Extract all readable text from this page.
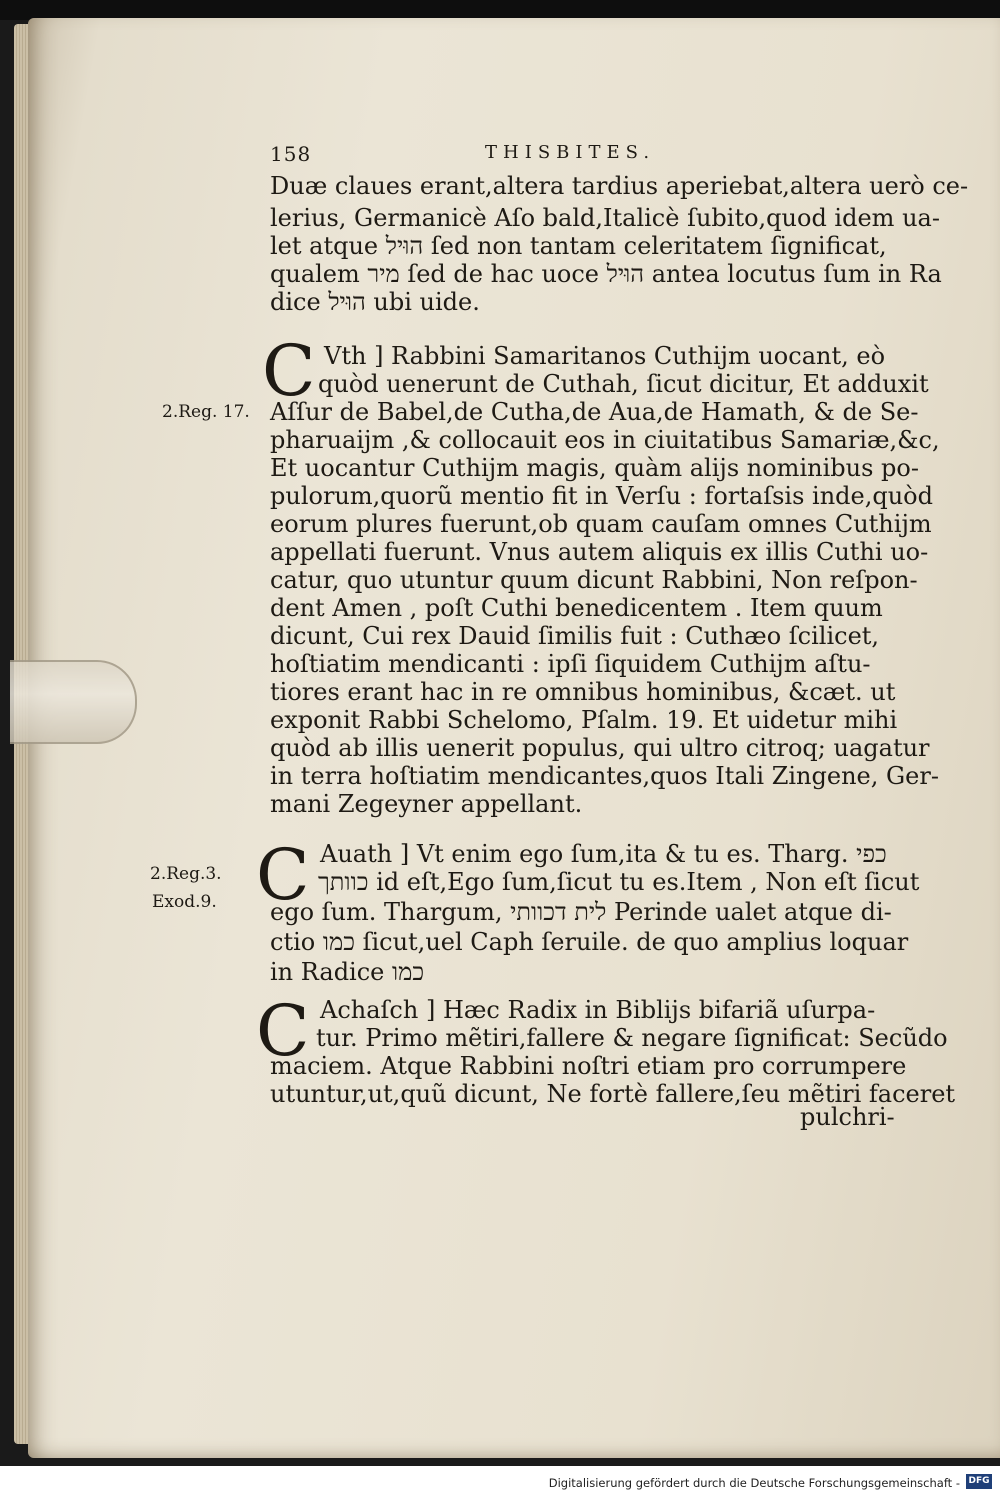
158	THISBITES.
Duæ claues erant,altera tardius aperiebat,altera uerò ce-
lerius, Germanicè Aſo bald,Italicè ſubito,quod idem ua-
let atque הוּיל ſed non tantam celeritatem ſignificat,
qualem מיר ſed de hac uoce הוּיל antea locutus ſum in Ra
dice הוּיל ubi uide.
C Vth ] Rabbini Samaritanos Cuthijm uocant, eò
quòd uenerunt de Cuthah, ſicut dicitur, Et adduxit
2.Reg. 17. Aſſur de Babel,de Cutha,de Aua,de Hamath, & de Se-
pharuaijm ,& collocauit eos in ciuitatibus Samariæ,&c,
Et uocantur Cuthijm magis, quàm alijs nominibus po-
pulorum,quorũ mentio fit in Verſu : fortaſsis inde,quòd
eorum plures fuerunt,ob quam cauſam omnes Cuthijm
appellati fuerunt. Vnus autem aliquis ex illis Cuthi uo-
catur, quo utuntur quum dicunt Rabbini, Non reſpon-
dent Amen , poſt Cuthi benedicentem . Item quum
dicunt, Cui rex Dauid ſimilis fuit : Cuthæo ſcilicet,
hoſtiatim mendicanti : ipſi ſiquidem Cuthijm aſtu-
tiores erant hac in re omnibus hominibus, &cæt. ut
exponit Rabbi Schelomo, Pſalm. 19. Et uidetur mihi
quòd ab illis uenerit populus, qui ultro citroq; uagatur
in terra hoſtiatim mendicantes,quos Itali Zingene, Ger-
mani Zegeyner appellant.
2.Reg.3.
Exod.9. C Auath ] Vt enim ego ſum,ita & tu es. Tharg. כפי
כוותך id eſt,Ego ſum,ſicut tu es.Item , Non eſt ſicut
ego ſum. Thargum, לית דכוותי Perinde ualet atque di-
ctio כמו ſicut,uel Caph ſeruile. de quo amplius loquar
in Radice כמו
C Achaſch ] Hæc Radix in Biblijs bifariã uſurpa-
tur. Primo mẽtiri,fallere & negare ſignificat: Secũdo
maciem. Atque Rabbini noſtri etiam pro corrumpere
utuntur,ut,quũ dicunt, Ne fortè fallere,ſeu mẽtiri faceret
pulchri-
Digitalisierung gefördert durch die Deutsche Forschungsgemeinschaft - DFG
